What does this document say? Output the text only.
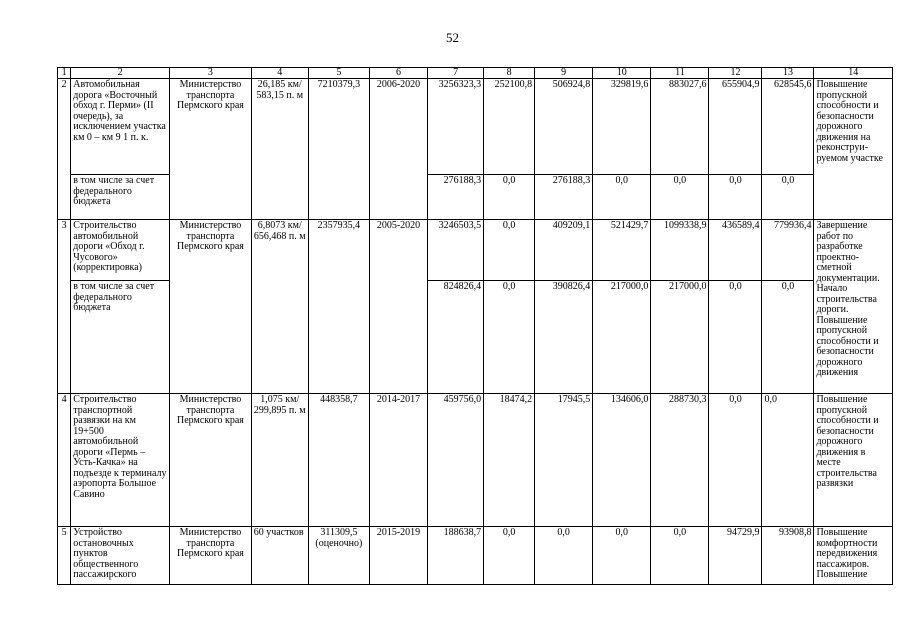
52
1	2	3	4	5	6	7	8	9	10	11	12	13	14
2	Автомобильная дорога «Восточный обход г. Перми» (II очередь), за исключением участка км 0 – км 9 1 п. к.	Министерство транспорта Пермского края	26,185 км/ 583,15 п. м	7210379,3	2006-2020	3256323,3	252100,8	506924,8	329819,6	883027,6	655904,9	628545,6	Повышение пропускной способности и безопасности дорожного движения на реконструи- руемом участке
	в том числе за счет федерального бюджета					276188,3	0,0	276188,3	0,0	0,0	0,0	0,0	
3	Строительство автомобильной дороги «Обход г. Чусового» (корректировка)	Министерство транспорта Пермского края	6,8073 км/ 656,468 п. м	2357935,4	2005-2020	3246503,5	0,0	409209,1	521429,7	1099338,9	436589,4	779936,4	Завершение работ по разработке проектно- сметной документации. Начало строительства дороги. Повышение пропускной способности и безопасности дорожного движения
	в том числе за счет федерального бюджета					824826,4	0,0	390826,4	217000,0	217000,0	0,0	0,0	
4	Строительство транспортной развязки на км 19+500 автомобильной дороги «Пермь – Усть-Качка» на подъезде к терминалу аэропорта Большое Савино	Министерство транспорта Пермского края	1,075 км/ 299,895 п. м	448358,7	2014-2017	459756,0	18474,2	17945,5	134606,0	288730,3	0,0	0,0	Повышение пропускной способности и безопасности дорожного движения в месте строительства развязки
5	Устройство остановочных пунктов общественного пассажирского	Министерство транспорта Пермского края	60 участков	311309,5 (оценочно)	2015-2019	188638,7	0,0	0,0	0,0	0,0	94729,9	93908,8	Повышение комфортности передвижения пассажиров. Повышение
